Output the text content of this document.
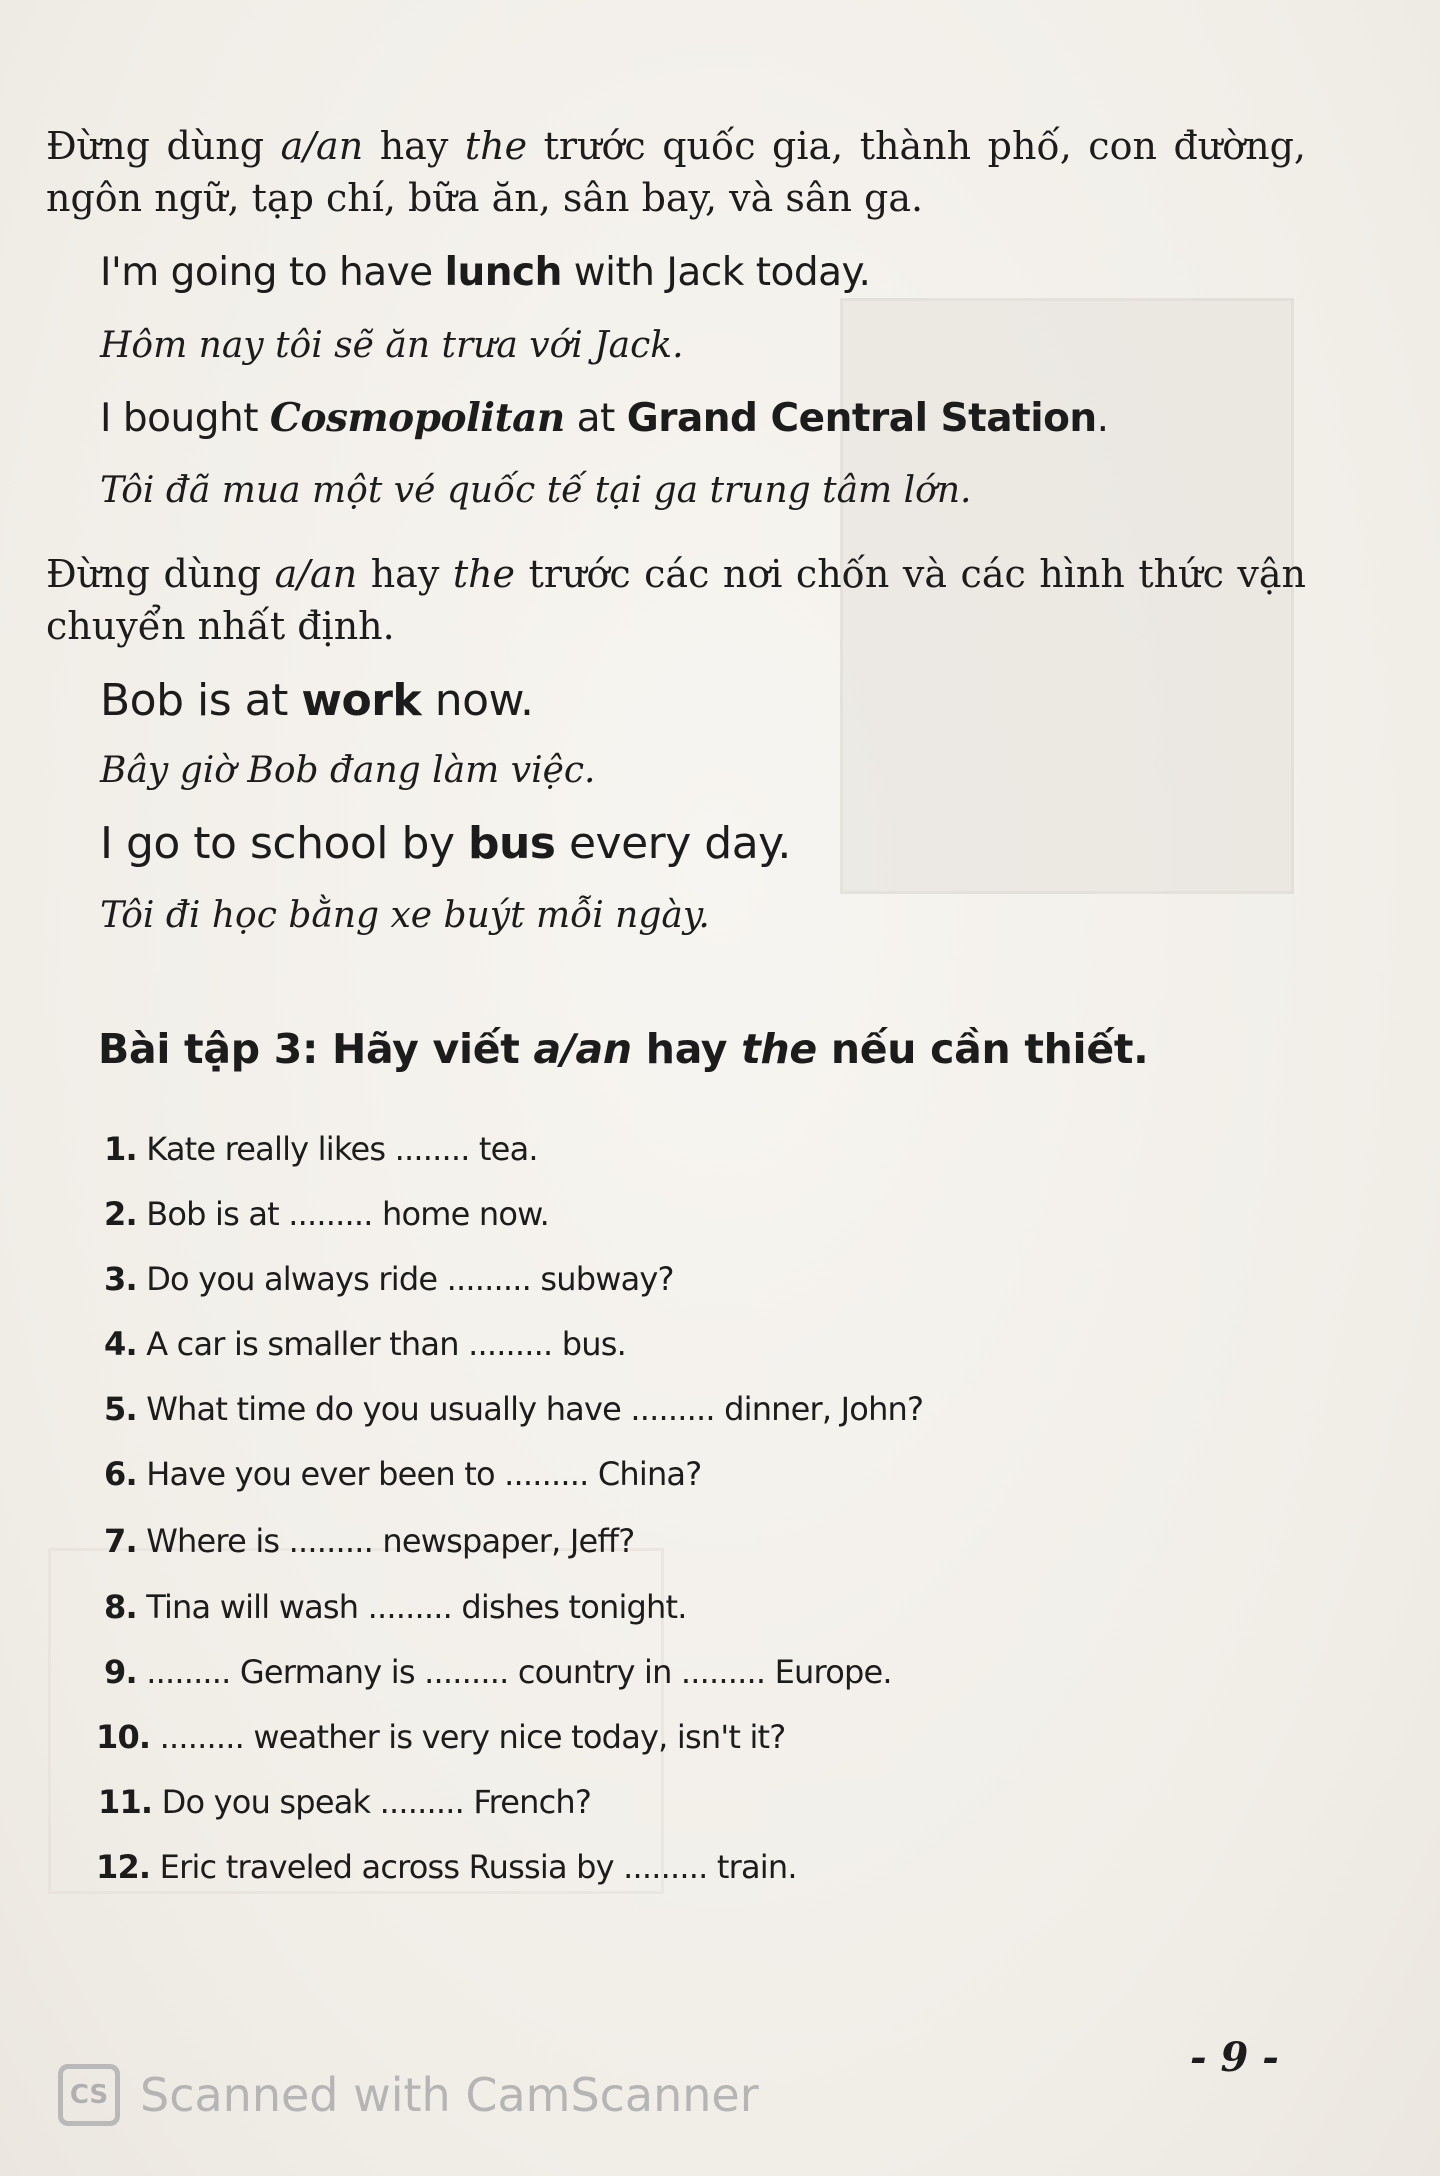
Đừng dùng a/an hay the trước quốc gia, thành phố, con đường, ngôn ngữ, tạp chí, bữa ăn, sân bay, và sân ga.
I'm going to have lunch with Jack today.
Hôm nay tôi sẽ ăn trưa với Jack.
I bought Cosmopolitan at Grand Central Station.
Tôi đã mua một vé quốc tế tại ga trung tâm lớn.
Đừng dùng a/an hay the trước các nơi chốn và các hình thức vận chuyển nhất định.
Bob is at work now.
Bây giờ Bob đang làm việc.
I go to school by bus every day.
Tôi đi học bằng xe buýt mỗi ngày.
Bài tập 3: Hãy viết a/an hay the nếu cần thiết.
1. Kate really likes ........ tea.
2. Bob is at ......... home now.
3. Do you always ride ......... subway?
4. A car is smaller than ......... bus.
5. What time do you usually have ......... dinner, John?
6. Have you ever been to ......... China?
7. Where is ......... newspaper, Jeff?
8. Tina will wash ......... dishes tonight.
9. ......... Germany is ......... country in ......... Europe.
10. ......... weather is very nice today, isn't it?
11. Do you speak ......... French?
12. Eric traveled across Russia by ......... train.
- 9 -
CS Scanned with CamScanner
